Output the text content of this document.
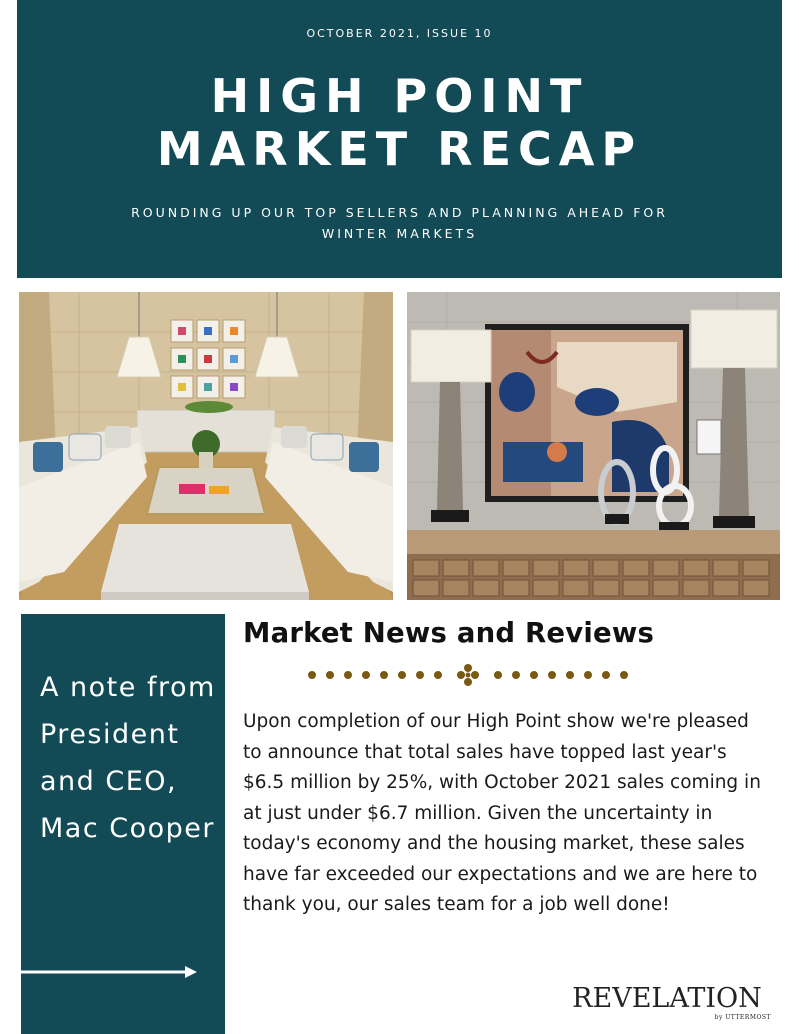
OCTOBER 2021, ISSUE 10
HIGH POINT
MARKET RECAP
ROUNDING UP OUR TOP SELLERS AND PLANNING AHEAD FOR WINTER MARKETS
A note from President and CEO, Mac Cooper
Market News and Reviews
Upon completion of our High Point show we're pleased to announce that total sales have topped last year's $6.5 million by 25%, with October 2021 sales coming in at just under $6.7 million. Given the uncertainty in today's economy and the housing market, these sales have far exceeded our expectations and we are here to thank you, our sales team for a job well done!
REVELATION
by UTTERMOST
